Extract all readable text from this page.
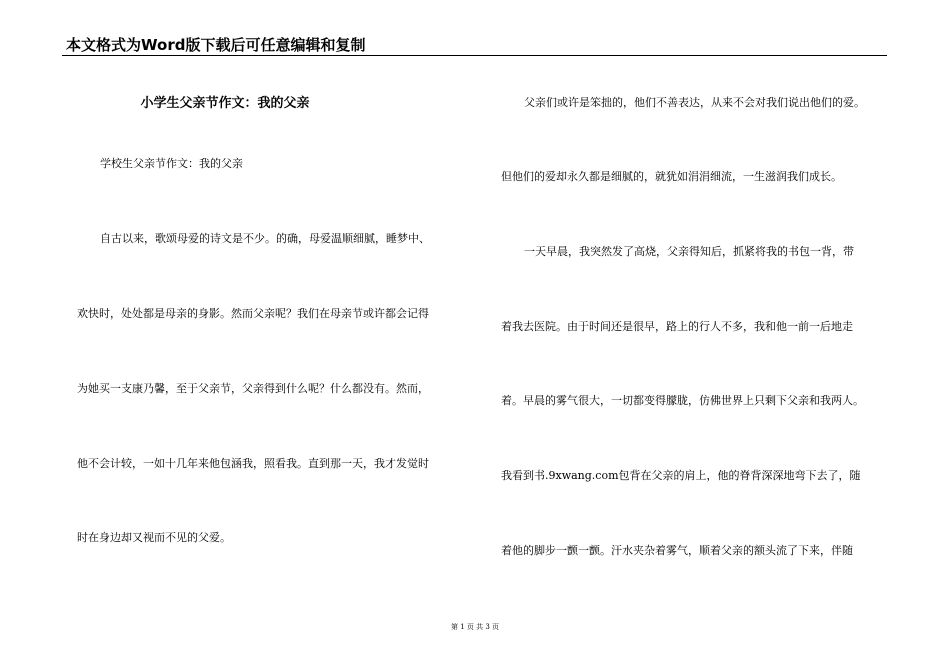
本文格式为Word版下载后可任意编辑和复制
小学生父亲节作文：我的父亲
学校生父亲节作文：我的父亲
自古以来，歌颂母爱的诗文是不少。的确，母爱温顺细腻，睡梦中、
欢快时，处处都是母亲的身影。然而父亲呢？我们在母亲节或许都会记得
为她买一支康乃馨，至于父亲节，父亲得到什么呢？什么都没有。然而，
他不会计较，一如十几年来他包涵我，照看我。直到那一天，我才发觉时
时在身边却又视而不见的父爱。
父亲们或许是笨拙的，他们不善表达，从来不会对我们说出他们的爱。
但他们的爱却永久都是细腻的，就犹如涓涓细流，一生滋润我们成长。
一天早晨，我突然发了高烧，父亲得知后，抓紧将我的书包一背，带
着我去医院。由于时间还是很早，路上的行人不多，我和他一前一后地走
着。早晨的雾气很大，一切都变得朦胧，仿佛世界上只剩下父亲和我两人。
我看到书.9xwang.com包背在父亲的肩上，他的脊背深深地弯下去了，随
着他的脚步一颤一颤。汗水夹杂着雾气，顺着父亲的额头流了下来，伴随
第 1 页 共 3 页
